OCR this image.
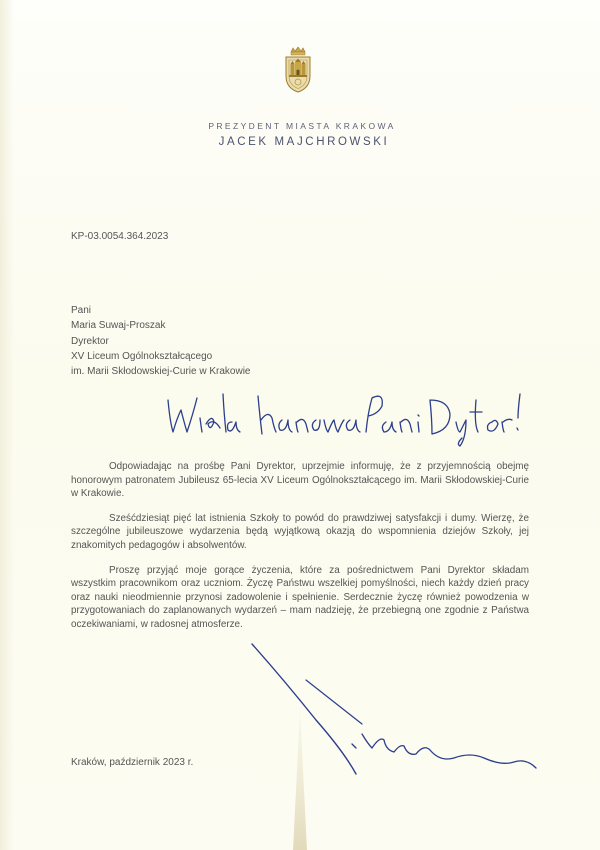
PREZYDENT MIASTA KRAKOWA
JACEK MAJCHROWSKI
KP-03.0054.364.2023
Pani
Maria Suwaj-Proszak
Dyrektor
XV Liceum Ogólnokształcącego
im. Marii Skłodowskiej-Curie w Krakowie

Odpowiadając na prośbę Pani Dyrektor, uprzejmie informuję, że z przyjemnością obejmę honorowym patronatem Jubileusz 65-lecia XV Liceum Ogólnokształcącego im. Marii Skłodowskiej-Curie w Krakowie.

Sześćdziesiąt pięć lat istnienia Szkoły to powód do prawdziwej satysfakcji i dumy. Wierzę, że szczególne jubileuszowe wydarzenia będą wyjątkową okazją do wspomnienia dziejów Szkoły, jej znakomitych pedagogów i absolwentów.

Proszę przyjąć moje gorące życzenia, które za pośrednictwem Pani Dyrektor składam wszystkim pracownikom oraz uczniom. Życzę Państwu wszelkiej pomyślności, niech każdy dzień pracy oraz nauki nieodmiennie przynosi zadowolenie i spełnienie. Serdecznie życzę również powodzenia w przygotowaniach do zaplanowanych wydarzeń – mam nadzieję, że przebiegną one zgodnie z Państwa oczekiwaniami, w radosnej atmosferze.

Kraków, październik 2023 r.
